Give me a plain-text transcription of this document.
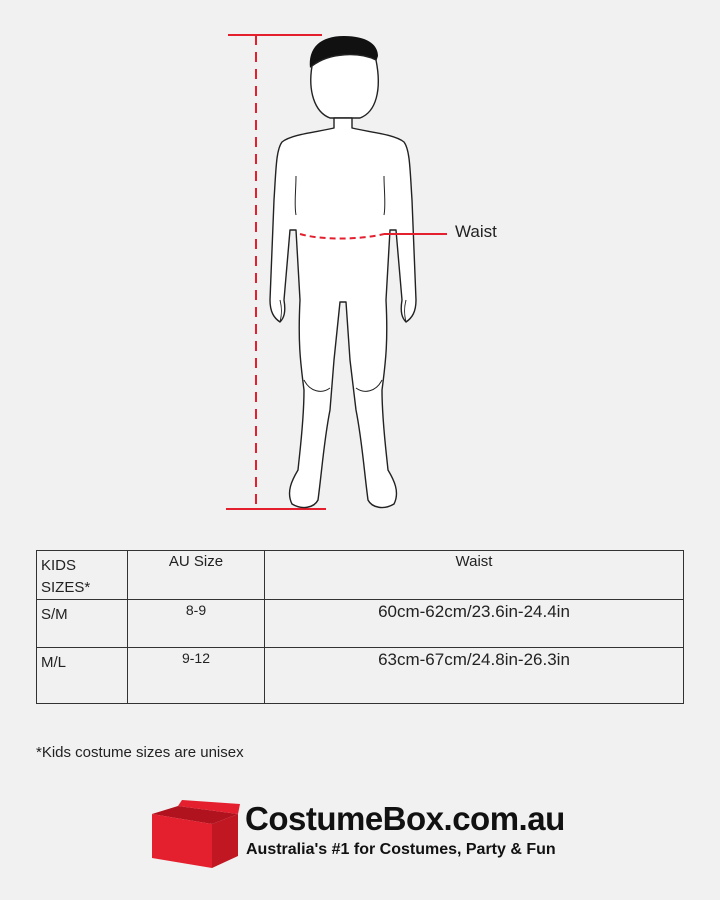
Waist
KIDS
SIZES*	AU Size	Waist
S/M	8-9	60cm-62cm/23.6in-24.4in
M/L	9-12	63cm-67cm/24.8in-26.3in
*Kids costume sizes are unisex
CostumeBox.com.au
Australia's #1 for Costumes, Party & Fun
